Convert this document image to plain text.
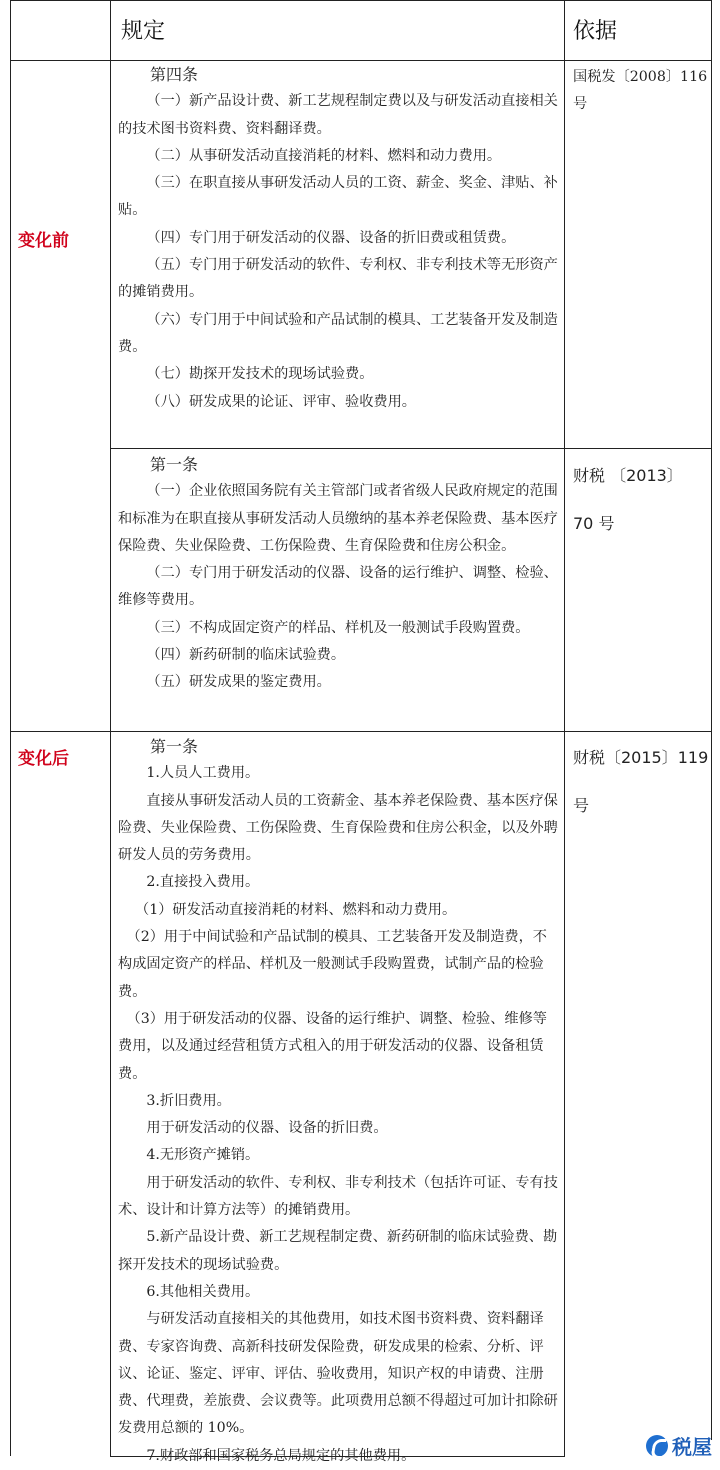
规定	依据
变化前
变化后

第四条

（一）新产品设计费、新工艺规程制定费以及与研发活动直接相关的技术图书资料费、资料翻译费。

（二）从事研发活动直接消耗的材料、燃料和动力费用。

（三）在职直接从事研发活动人员的工资、薪金、奖金、津贴、补贴。

（四）专门用于研发活动的仪器、设备的折旧费或租赁费。

（五）专门用于研发活动的软件、专利权、非专利技术等无形资产的摊销费用。

（六）专门用于中间试验和产品试制的模具、工艺装备开发及制造费。

（七）勘探开发技术的现场试验费。

（八）研发成果的论证、评审、验收费用。

国税发〔2008〕116号

第一条

（一）企业依照国务院有关主管部门或者省级人民政府规定的范围和标准为在职直接从事研发活动人员缴纳的基本养老保险费、基本医疗保险费、失业保险费、工伤保险费、生育保险费和住房公积金。

（二）专门用于研发活动的仪器、设备的运行维护、调整、检验、维修等费用。

（三）不构成固定资产的样品、样机及一般测试手段购置费。

（四）新药研制的临床试验费。

（五）研发成果的鉴定费用。

财税 〔2013〕
70 号

第一条

1.人员人工费用。

直接从事研发活动人员的工资薪金、基本养老保险费、基本医疗保险费、失业保险费、工伤保险费、生育保险费和住房公积金，以及外聘研发人员的劳务费用。

2.直接投入费用。

（1）研发活动直接消耗的材料、燃料和动力费用。

（2）用于中间试验和产品试制的模具、工艺装备开发及制造费，不构成固定资产的样品、样机及一般测试手段购置费，试制产品的检验费。

（3）用于研发活动的仪器、设备的运行维护、调整、检验、维修等费用，以及通过经营租赁方式租入的用于研发活动的仪器、设备租赁费。

3.折旧费用。

用于研发活动的仪器、设备的折旧费。

4.无形资产摊销。

用于研发活动的软件、专利权、非专利技术（包括许可证、专有技术、设计和计算方法等）的摊销费用。

5.新产品设计费、新工艺规程制定费、新药研制的临床试验费、勘探开发技术的现场试验费。

6.其他相关费用。

与研发活动直接相关的其他费用，如技术图书资料费、资料翻译费、专家咨询费、高新科技研发保险费，研发成果的检索、分析、评议、论证、鉴定、评审、评估、验收费用，知识产权的申请费、注册费、代理费，差旅费、会议费等。此项费用总额不得超过可加计扣除研发费用总额的 10%。

7.财政部和国家税务总局规定的其他费用。

财税〔2015〕119
号
税屋
